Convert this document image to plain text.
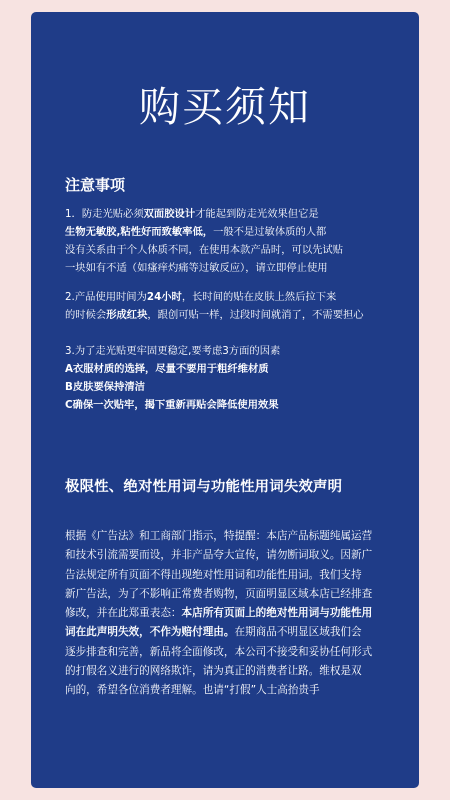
购买须知
注意事项
1．防走光贴必须双面胶设计才能起到防走光效果但它是
生物无敏胶,粘性好而致敏率低，一般不是过敏体质的人都
没有关系由于个人体质不同，在使用本款产品时，可以先试贴
一块如有不适（如瘙痒灼痛等过敏反应），请立即停止使用
2.产品使用时间为24小时，长时间的贴在皮肤上然后拉下来
的时候会形成红块，跟创可贴一样，过段时间就消了，不需要担心
3.为了走光贴更牢固更稳定,要考虑3方面的因素
A衣服材质的选择，尽量不要用于粗纤维材质
B皮肤要保持清洁
C确保一次贴牢，揭下重新再贴会降低使用效果
极限性、绝对性用词与功能性用词失效声明
根据《广告法》和工商部门指示，特提醒：本店产品标题纯属运营
和技术引流需要而设，并非产品夸大宣传，请勿断词取义。因新广
告法规定所有页面不得出现绝对性用词和功能性用词。我们支持
新广告法，为了不影响正常费者购物，页面明显区域本店已经排查
修改，并在此郑重表态：本店所有页面上的绝对性用词与功能性用
词在此声明失效，不作为赔付理由。在期商品不明显区域我们会
逐步排查和完善，新品将全面修改，本公司不接受和妥协任何形式
的打假名义进行的网络欺诈，请为真正的消费者让路。维权是双
向的，希望各位消费者理解。也请“打假”人士高抬贵手
